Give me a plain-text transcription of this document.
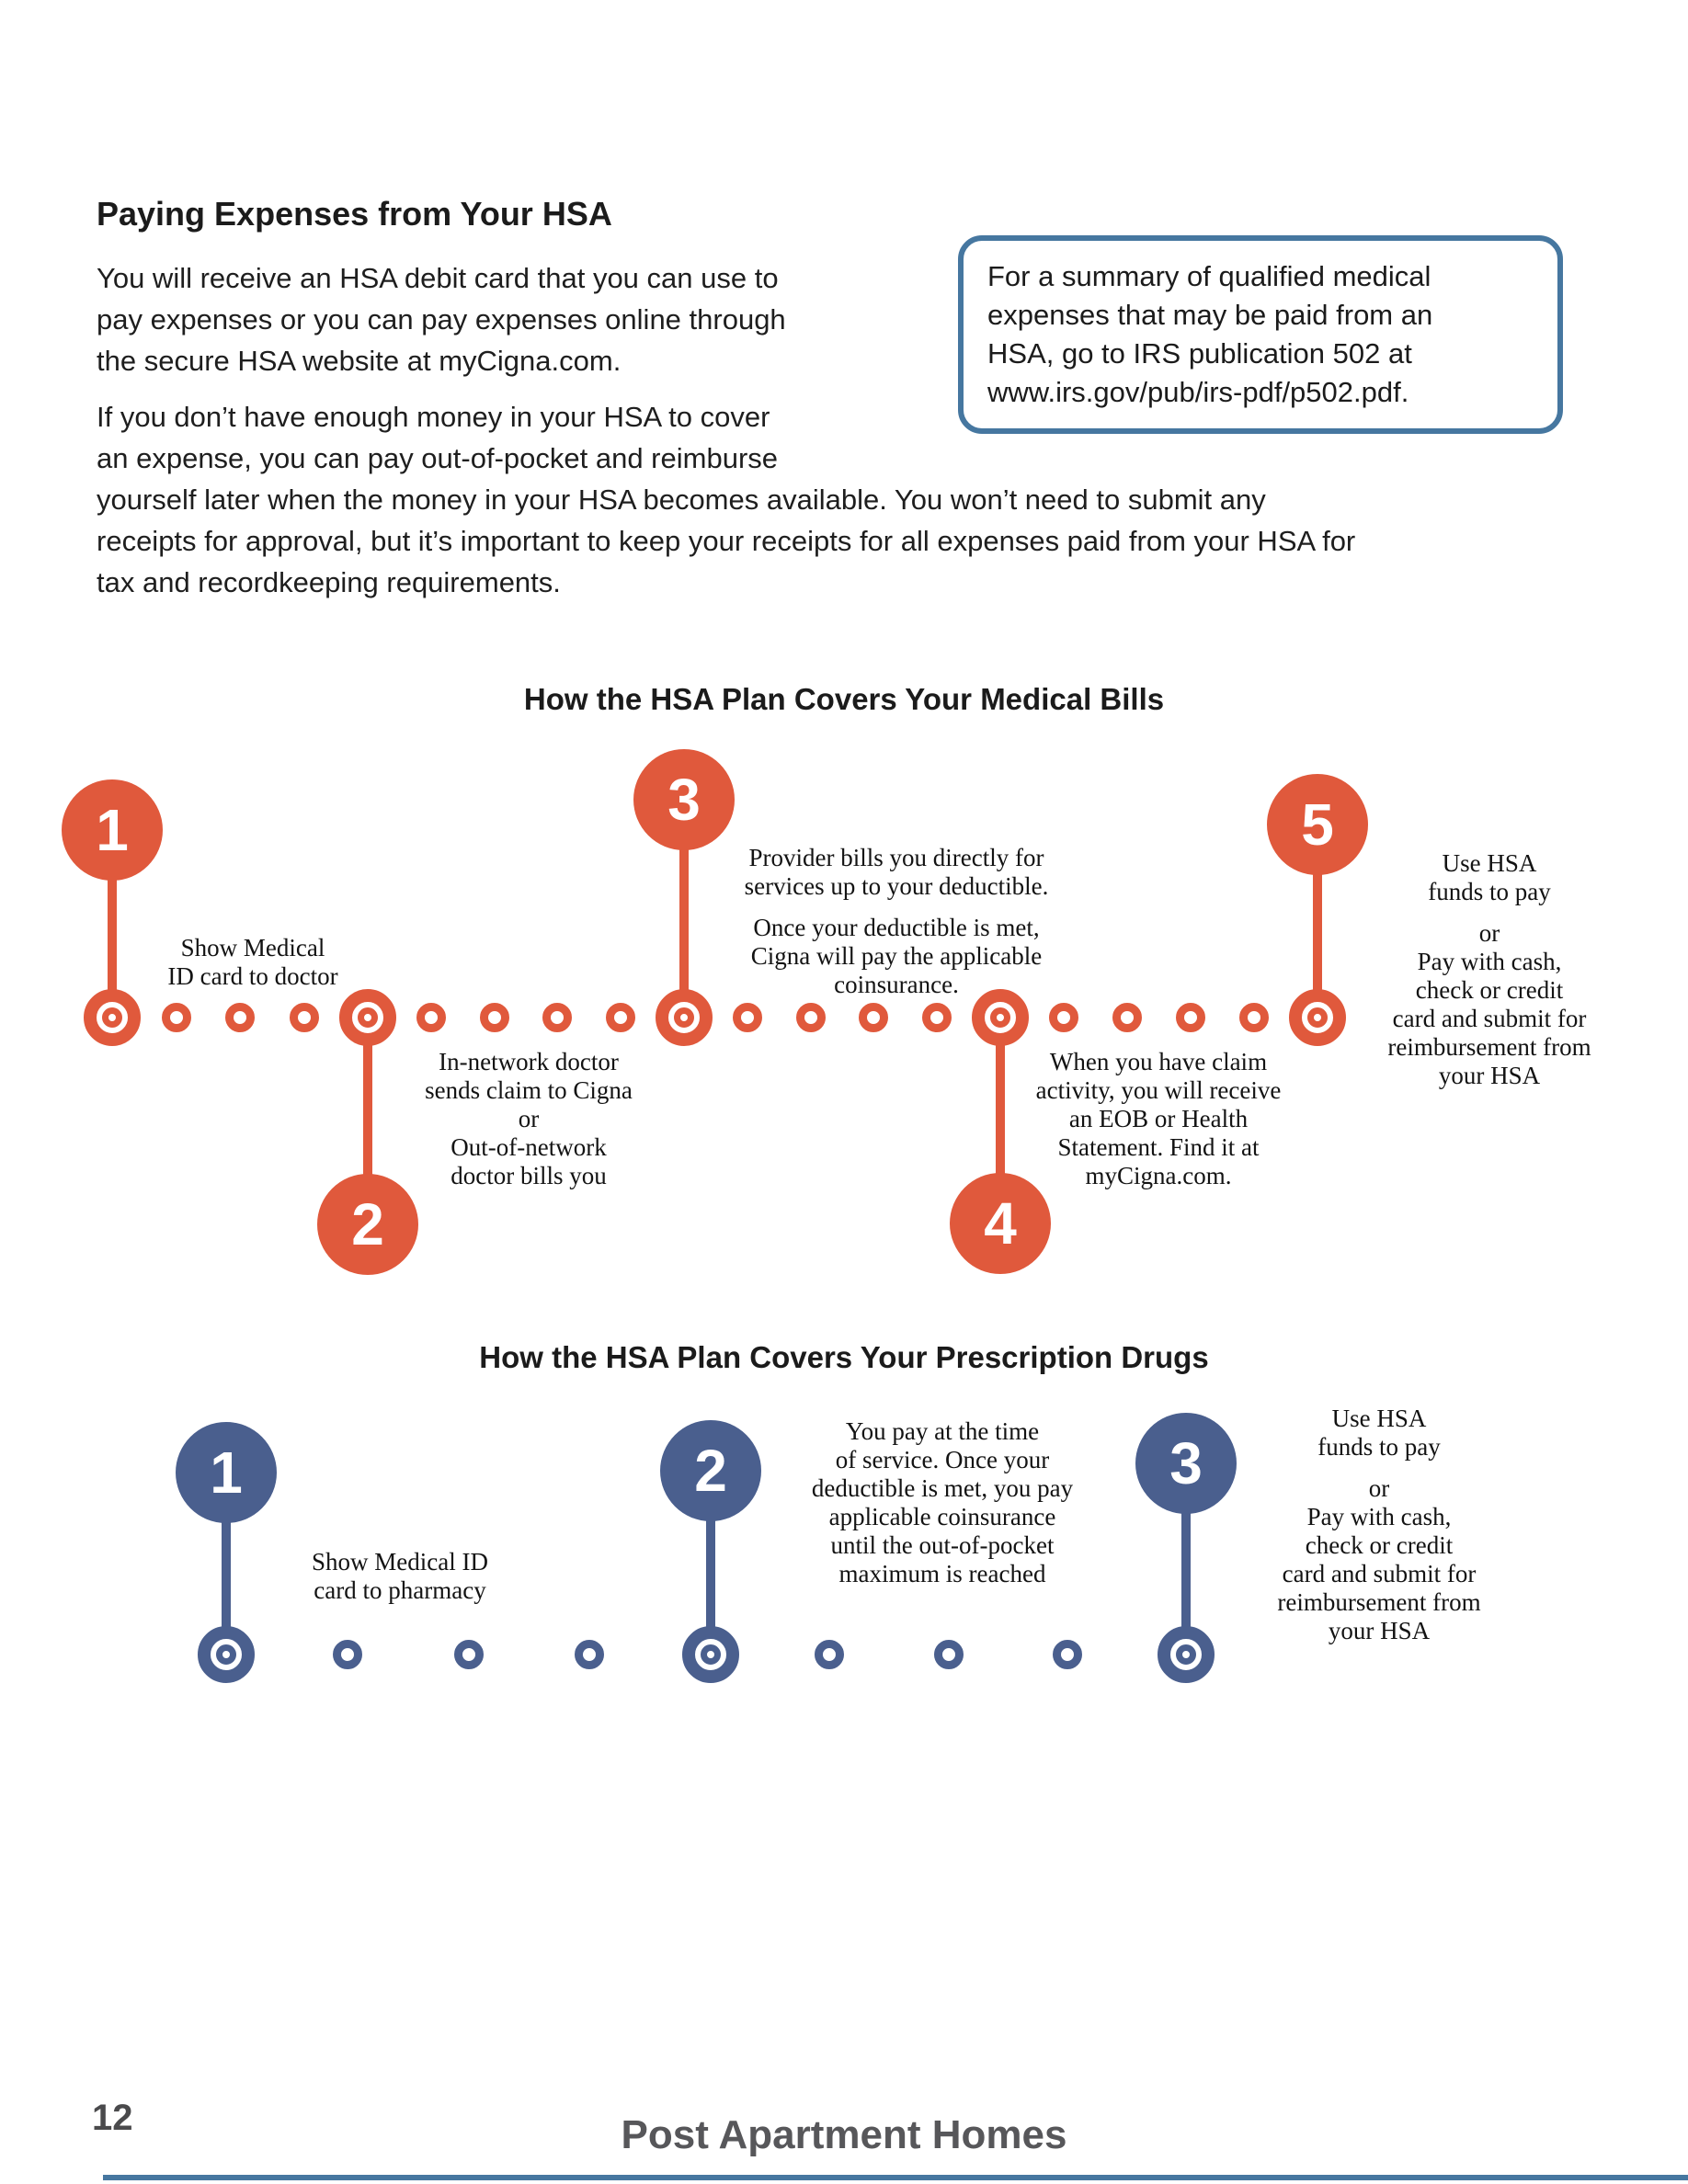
Paying Expenses from Your HSA

You will receive an HSA debit card that you can use to
pay expenses or you can pay expenses online through
the secure HSA website at myCigna.com.

If you don’t have enough money in your HSA to cover
an expense, you can pay out-of-pocket and reimburse
yourself later when the money in your HSA becomes available. You won’t need to submit any
receipts for approval, but it’s important to keep your receipts for all expenses paid from your HSA for
tax and recordkeeping requirements.

For a summary of qualified medical
expenses that may be paid from an
HSA, go to IRS publication 502 at
www.irs.gov/pub/irs-pdf/p502.pdf.

How the HSA Plan Covers Your Medical Bills
1
2
3
4
5
Show Medical
ID card to doctor
In-network doctor
sends claim to Cigna
or
Out-of-network
doctor bills you
Provider bills you directly for
services up to your deductible.
Once your deductible is met,
Cigna will pay the applicable
coinsurance.
When you have claim
activity, you will receive
an EOB or Health
Statement. Find it at
myCigna.com.
Use HSA
funds to pay
or
Pay with cash,
check or credit
card and submit for
reimbursement from
your HSA
How the HSA Plan Covers Your Prescription Drugs
1	2	3
Show Medical ID
card to pharmacy
You pay at the time
of service. Once your
deductible is met, you pay
applicable coinsurance
until the out-of-pocket
maximum is reached
Use HSA
funds to pay
or
Pay with cash,
check or credit
card and submit for
reimbursement from
your HSA
12	Post Apartment Homes
